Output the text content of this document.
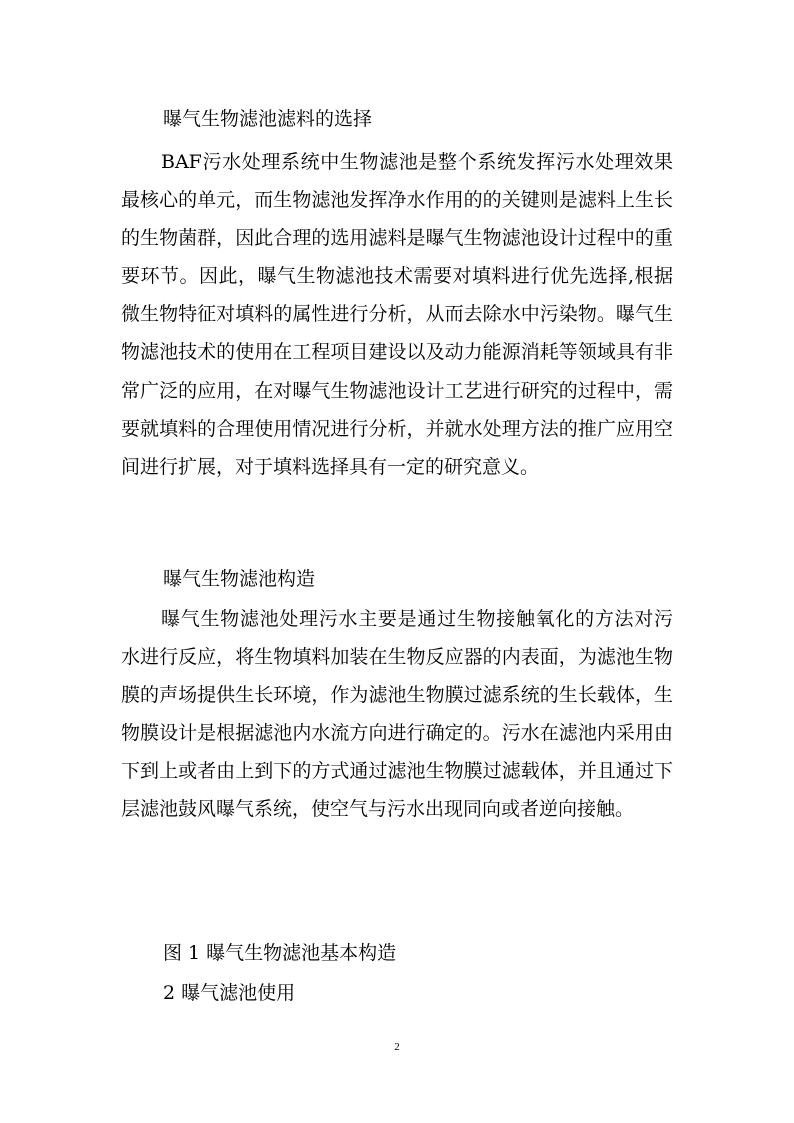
曝气生物滤池滤料的选择
BAF污水处理系统中生物滤池是整个系统发挥污水处理效果最核心的单元，而生物滤池发挥净水作用的的关键则是滤料上生长的生物菌群，因此合理的选用滤料是曝气生物滤池设计过程中的重要环节。因此，曝气生物滤池技术需要对填料进行优先选择,根据微生物特征对填料的属性进行分析，从而去除水中污染物。曝气生物滤池技术的使用在工程项目建设以及动力能源消耗等领域具有非常广泛的应用，在对曝气生物滤池设计工艺进行研究的过程中，需要就填料的合理使用情况进行分析，并就水处理方法的推广应用空间进行扩展，对于填料选择具有一定的研究意义。
曝气生物滤池构造
曝气生物滤池处理污水主要是通过生物接触氧化的方法对污水进行反应，将生物填料加装在生物反应器的内表面，为滤池生物膜的声场提供生长环境，作为滤池生物膜过滤系统的生长载体，生物膜设计是根据滤池内水流方向进行确定的。污水在滤池内采用由下到上或者由上到下的方式通过滤池生物膜过滤载体，并且通过下层滤池鼓风曝气系统，使空气与污水出现同向或者逆向接触。
图 1 曝气生物滤池基本构造
2 曝气滤池使用
2
